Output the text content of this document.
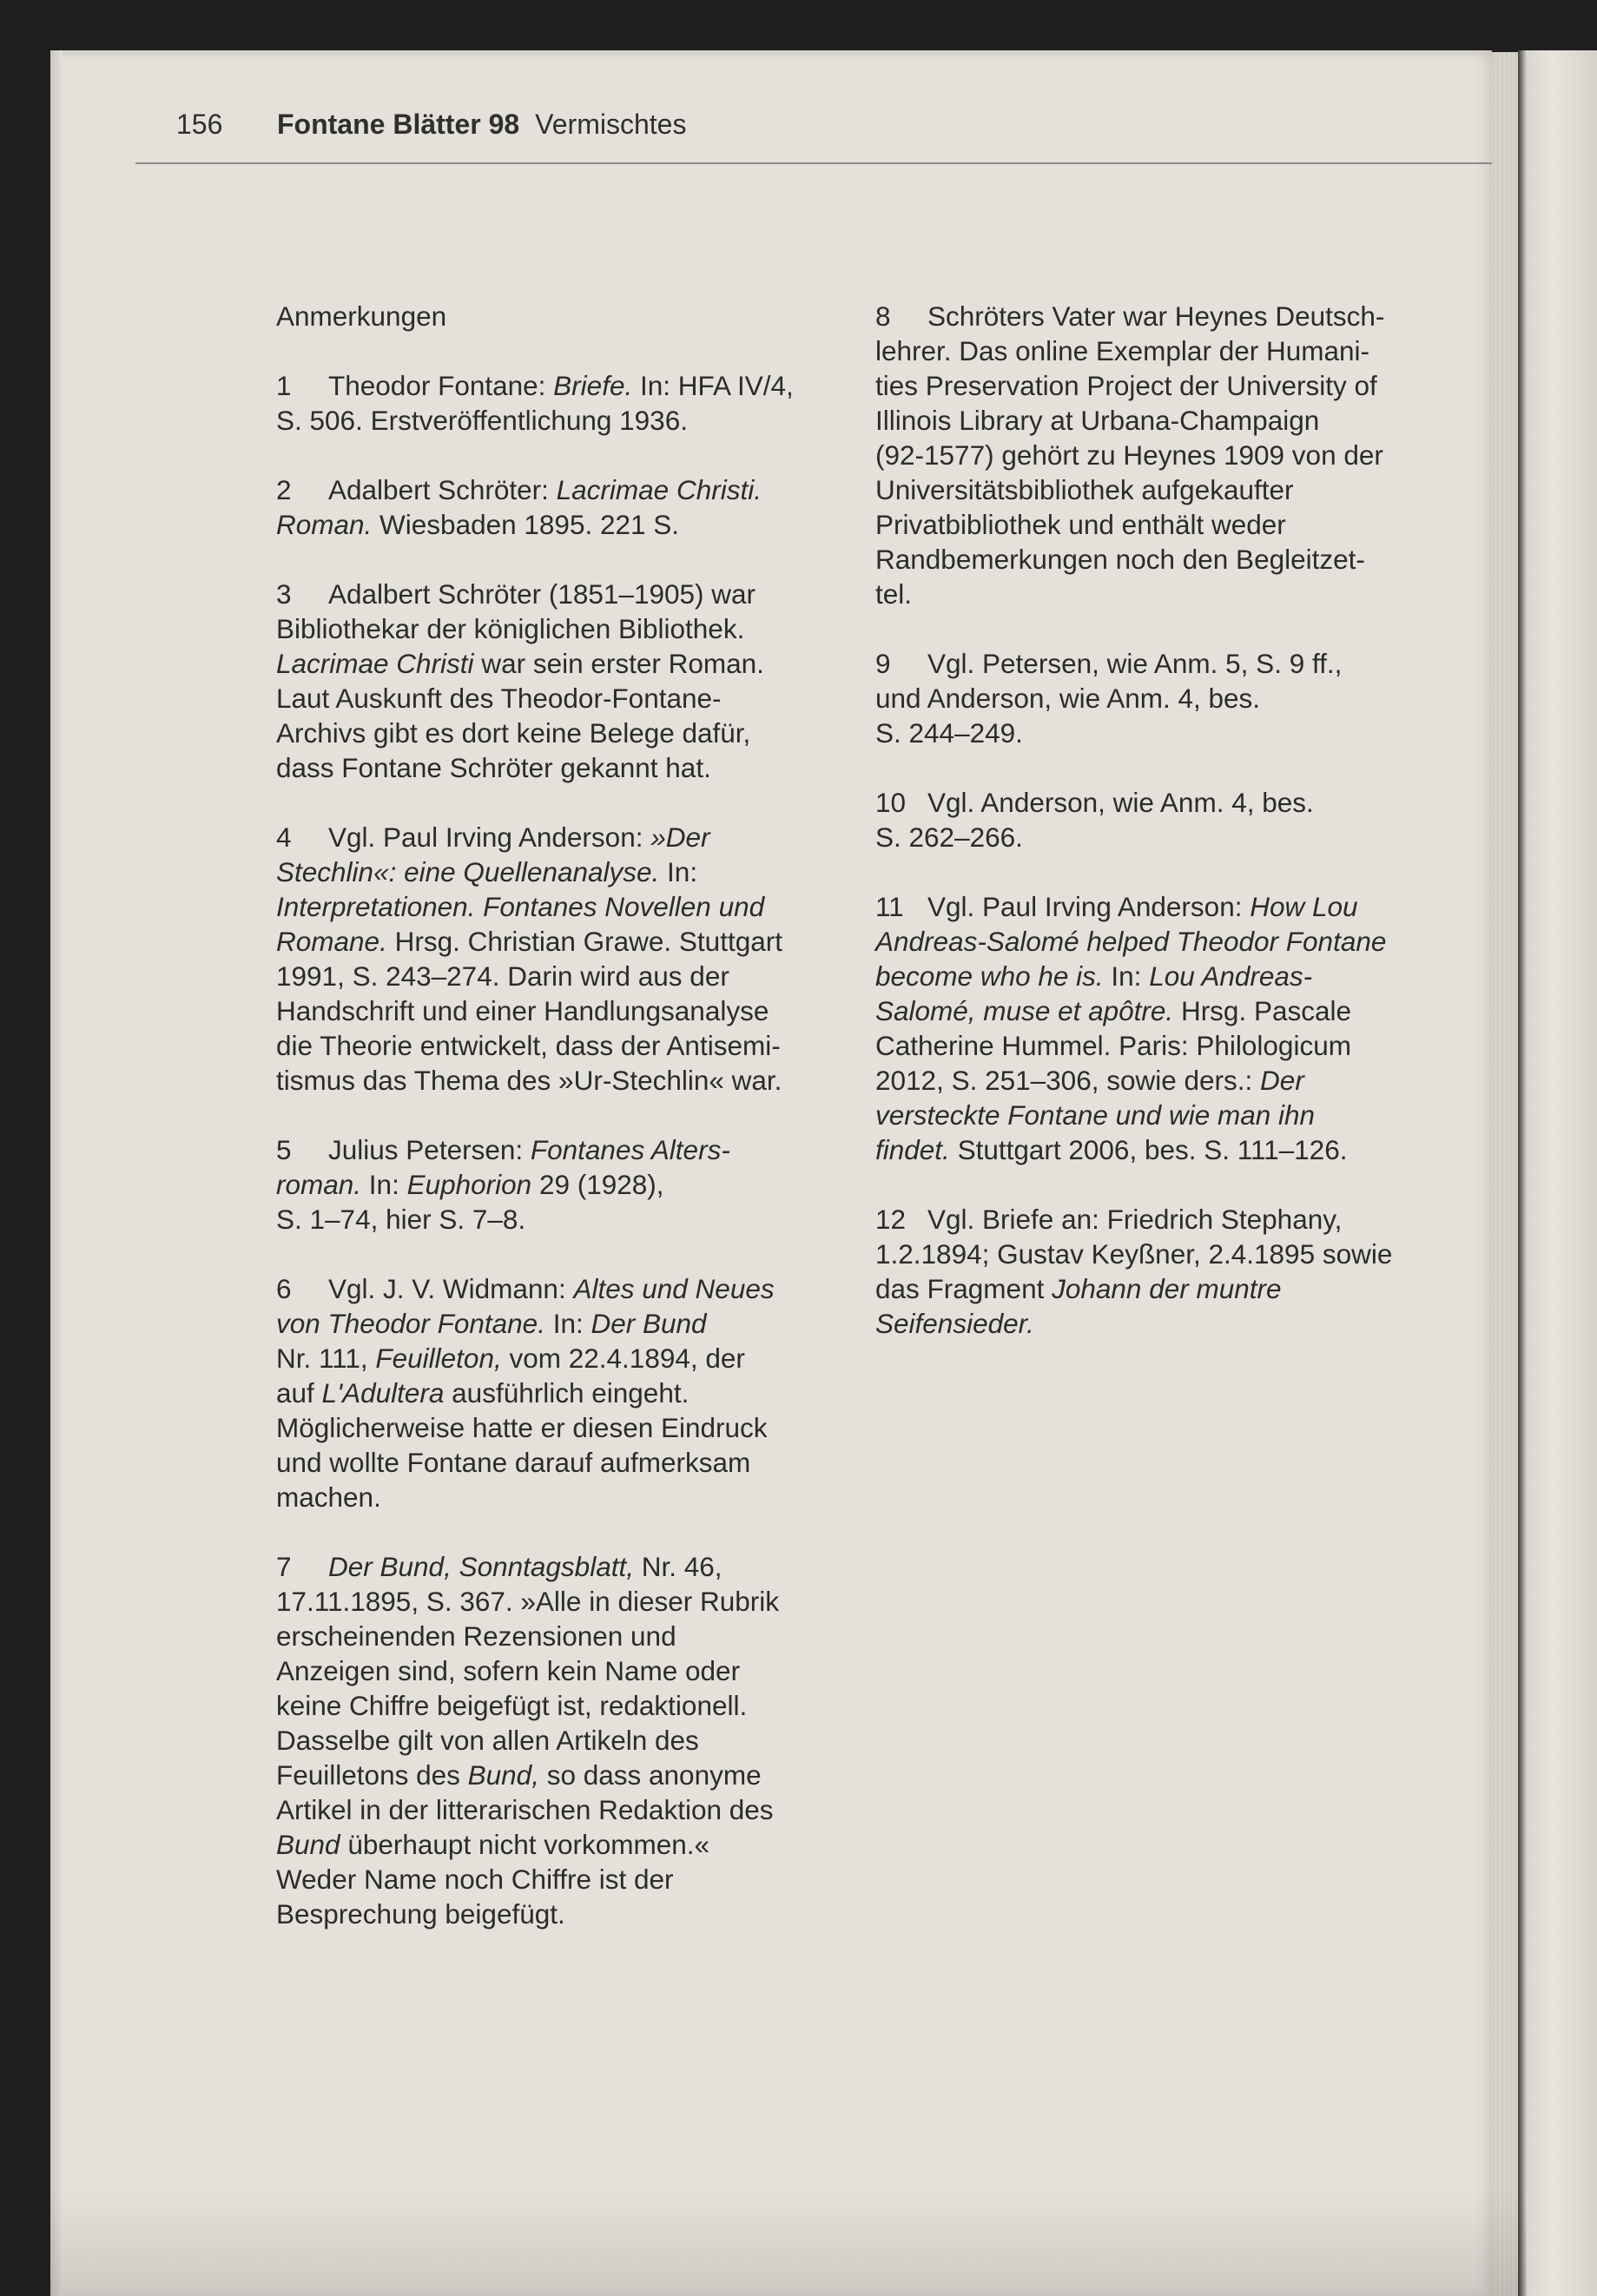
156 Fontane Blätter 98 Vermischtes
Anmerkungen
1 Theodor Fontane: Briefe. In: HFA IV/4,
S. 506. Erstveröffentlichung 1936.
2 Adalbert Schröter: Lacrimae Christi.
Roman. Wiesbaden 1895. 221 S.
3 Adalbert Schröter (1851–1905) war
Bibliothekar der königlichen Bibliothek.
Lacrimae Christi war sein erster Roman.
Laut Auskunft des Theodor-Fontane-
Archivs gibt es dort keine Belege dafür,
dass Fontane Schröter gekannt hat.
4 Vgl. Paul Irving Anderson: »Der
Stechlin«: eine Quellenanalyse. In:
Interpretationen. Fontanes Novellen und
Romane. Hrsg. Christian Grawe. Stuttgart
1991, S. 243–274. Darin wird aus der
Handschrift und einer Handlungsanalyse
die Theorie entwickelt, dass der Antisemi-
tismus das Thema des »Ur-Stechlin« war.
5 Julius Petersen: Fontanes Alters-
roman. In: Euphorion 29 (1928),
S. 1–74, hier S. 7–8.
6 Vgl. J. V. Widmann: Altes und Neues
von Theodor Fontane. In: Der Bund
Nr. 111, Feuilleton, vom 22.4.1894, der
auf L'Adultera ausführlich eingeht.
Möglicherweise hatte er diesen Eindruck
und wollte Fontane darauf aufmerksam
machen.
7 Der Bund, Sonntagsblatt, Nr. 46,
17.11.1895, S. 367. »Alle in dieser Rubrik
erscheinenden Rezensionen und
Anzeigen sind, sofern kein Name oder
keine Chiffre beigefügt ist, redaktionell.
Dasselbe gilt von allen Artikeln des
Feuilletons des Bund, so dass anonyme
Artikel in der litterarischen Redaktion des
Bund überhaupt nicht vorkommen.«
Weder Name noch Chiffre ist der
Besprechung beigefügt.
8 Schröters Vater war Heynes Deutsch-
lehrer. Das online Exemplar der Humani-
ties Preservation Project der University of
Illinois Library at Urbana-Champaign
(92-1577) gehört zu Heynes 1909 von der
Universitätsbibliothek aufgekaufter
Privatbibliothek und enthält weder
Randbemerkungen noch den Begleitzet-
tel.
9 Vgl. Petersen, wie Anm. 5, S. 9 ff.,
und Anderson, wie Anm. 4, bes.
S. 244–249.
10 Vgl. Anderson, wie Anm. 4, bes.
S. 262–266.
11 Vgl. Paul Irving Anderson: How Lou
Andreas-Salomé helped Theodor Fontane
become who he is. In: Lou Andreas-
Salomé, muse et apôtre. Hrsg. Pascale
Catherine Hummel. Paris: Philologicum
2012, S. 251–306, sowie ders.: Der
versteckte Fontane und wie man ihn
findet. Stuttgart 2006, bes. S. 111–126.
12 Vgl. Briefe an: Friedrich Stephany,
1.2.1894; Gustav Keyßner, 2.4.1895 sowie
das Fragment Johann der muntre
Seifensieder.
